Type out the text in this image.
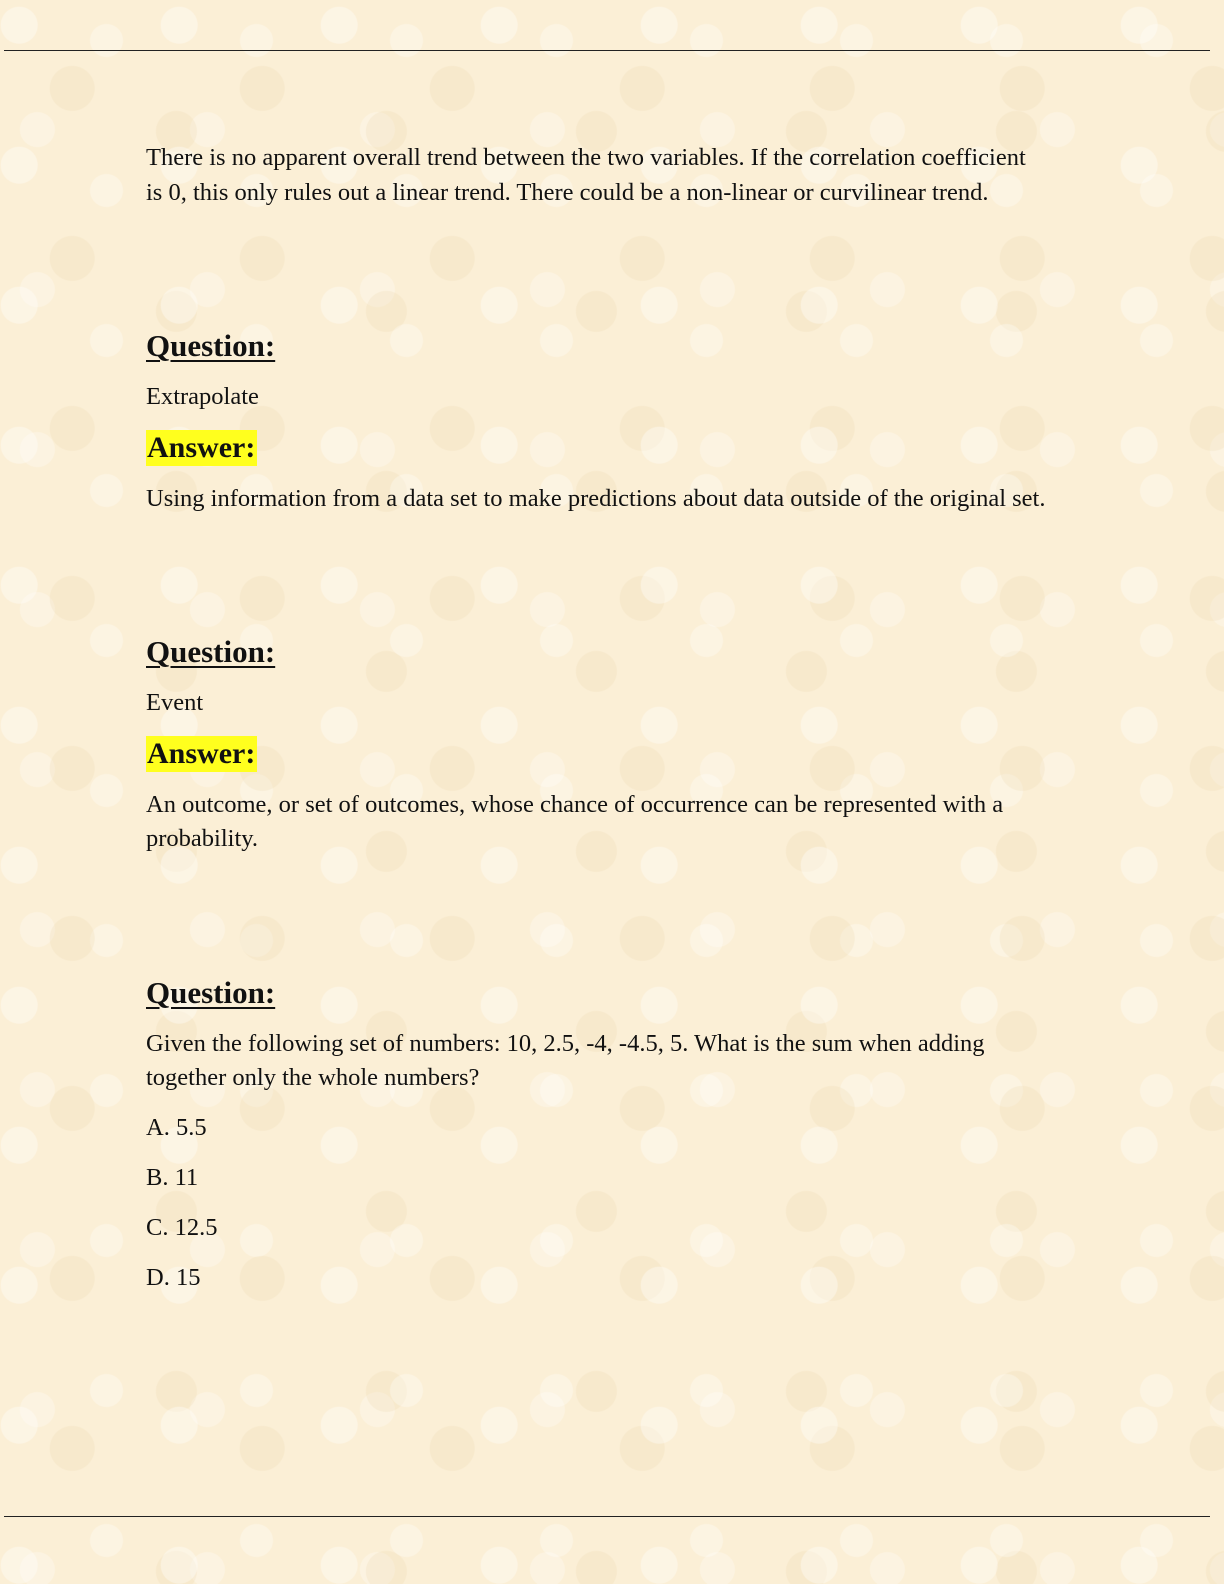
There is no apparent overall trend between the two variables. If the correlation coefficient is 0, this only rules out a linear trend. There could be a non-linear or curvilinear trend.

Question:

Extrapolate

Answer:

Using information from a data set to make predictions about data outside of the original set.

Question:

Event

Answer:

An outcome, or set of outcomes, whose chance of occurrence can be represented with a probability.

Question:

Given the following set of numbers: 10, 2.5, -4, -4.5, 5. What is the sum when adding together only the whole numbers?

A. 5.5

B. 11

C. 12.5

D. 15
